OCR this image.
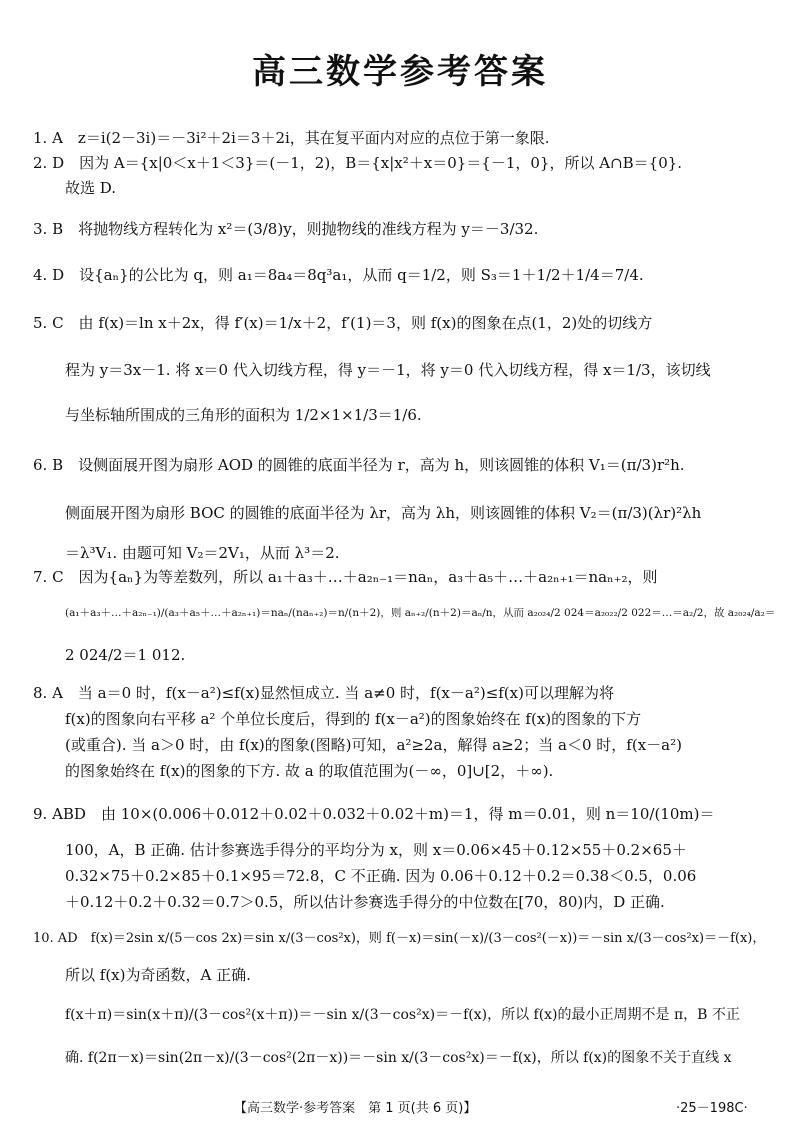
高三数学参考答案
1. A　z＝i(2－3i)＝－3i²＋2i＝3＋2i，其在复平面内对应的点位于第一象限.
2. D　因为 A＝{x|0＜x＋1＜3}＝(－1，2)，B＝{x|x²＋x＝0}＝{－1，0}，所以 A∩B＝{0}.
故选 D.
3. B　将抛物线方程转化为 x²＝(3/8)y，则抛物线的准线方程为 y＝－3/32.
4. D　设{aₙ}的公比为 q，则 a₁＝8a₄＝8q³a₁，从而 q＝1/2，则 S₃＝1＋1/2＋1/4＝7/4.
5. C　由 f(x)＝ln x＋2x，得 f′(x)＝1/x＋2，f′(1)＝3，则 f(x)的图象在点(1，2)处的切线方
程为 y＝3x－1. 将 x＝0 代入切线方程，得 y＝－1，将 y＝0 代入切线方程，得 x＝1/3，该切线
与坐标轴所围成的三角形的面积为 1/2×1×1/3＝1/6.
6. B　设侧面展开图为扇形 AOD 的圆锥的底面半径为 r，高为 h，则该圆锥的体积 V₁＝(π/3)r²h.
侧面展开图为扇形 BOC 的圆锥的底面半径为 λr，高为 λh，则该圆锥的体积 V₂＝(π/3)(λr)²λh
＝λ³V₁. 由题可知 V₂＝2V₁，从而 λ³＝2.
7. C　因为{aₙ}为等差数列，所以 a₁＋a₃＋…＋a₂ₙ₋₁＝naₙ，a₃＋a₅＋…＋a₂ₙ₊₁＝naₙ₊₂，则
(a₁＋a₃＋…＋a₂ₙ₋₁)/(a₃＋a₅＋…＋a₂ₙ₊₁)＝naₙ/(naₙ₊₂)＝n/(n＋2)，则 aₙ₊₂/(n＋2)＝aₙ/n，从而 a₂₀₂₄/2 024＝a₂₀₂₂/2 022＝…＝a₂/2，故 a₂₀₂₄/a₂＝
2 024/2＝1 012.
8. A　当 a＝0 时，f(x－a²)≤f(x)显然恒成立. 当 a≠0 时，f(x－a²)≤f(x)可以理解为将
f(x)的图象向右平移 a² 个单位长度后，得到的 f(x－a²)的图象始终在 f(x)的图象的下方
(或重合). 当 a＞0 时，由 f(x)的图象(图略)可知，a²≥2a，解得 a≥2；当 a＜0 时，f(x－a²)
的图象始终在 f(x)的图象的下方. 故 a 的取值范围为(－∞，0]∪[2，＋∞).
9. ABD　由 10×(0.006＋0.012＋0.02＋0.032＋0.02＋m)＝1，得 m＝0.01，则 n＝10/(10m)＝
100，A，B 正确. 估计参赛选手得分的平均分为 x，则 x＝0.06×45＋0.12×55＋0.2×65＋
0.32×75＋0.2×85＋0.1×95＝72.8，C 不正确. 因为 0.06＋0.12＋0.2＝0.38＜0.5，0.06
＋0.12＋0.2＋0.32＝0.7＞0.5，所以估计参赛选手得分的中位数在[70，80)内，D 正确.
10. AD　f(x)＝2sin x/(5－cos 2x)＝sin x/(3－cos²x)，则 f(－x)＝sin(－x)/(3－cos²(－x))＝－sin x/(3－cos²x)＝－f(x)，
所以 f(x)为奇函数，A 正确.
f(x＋π)＝sin(x＋π)/(3－cos²(x＋π))＝－sin x/(3－cos²x)＝－f(x)，所以 f(x)的最小正周期不是 π，B 不正
确. f(2π－x)＝sin(2π－x)/(3－cos²(2π－x))＝－sin x/(3－cos²x)＝－f(x)，所以 f(x)的图象不关于直线 x
【高三数学·参考答案　第 1 页(共 6 页)】	·25－198C·
